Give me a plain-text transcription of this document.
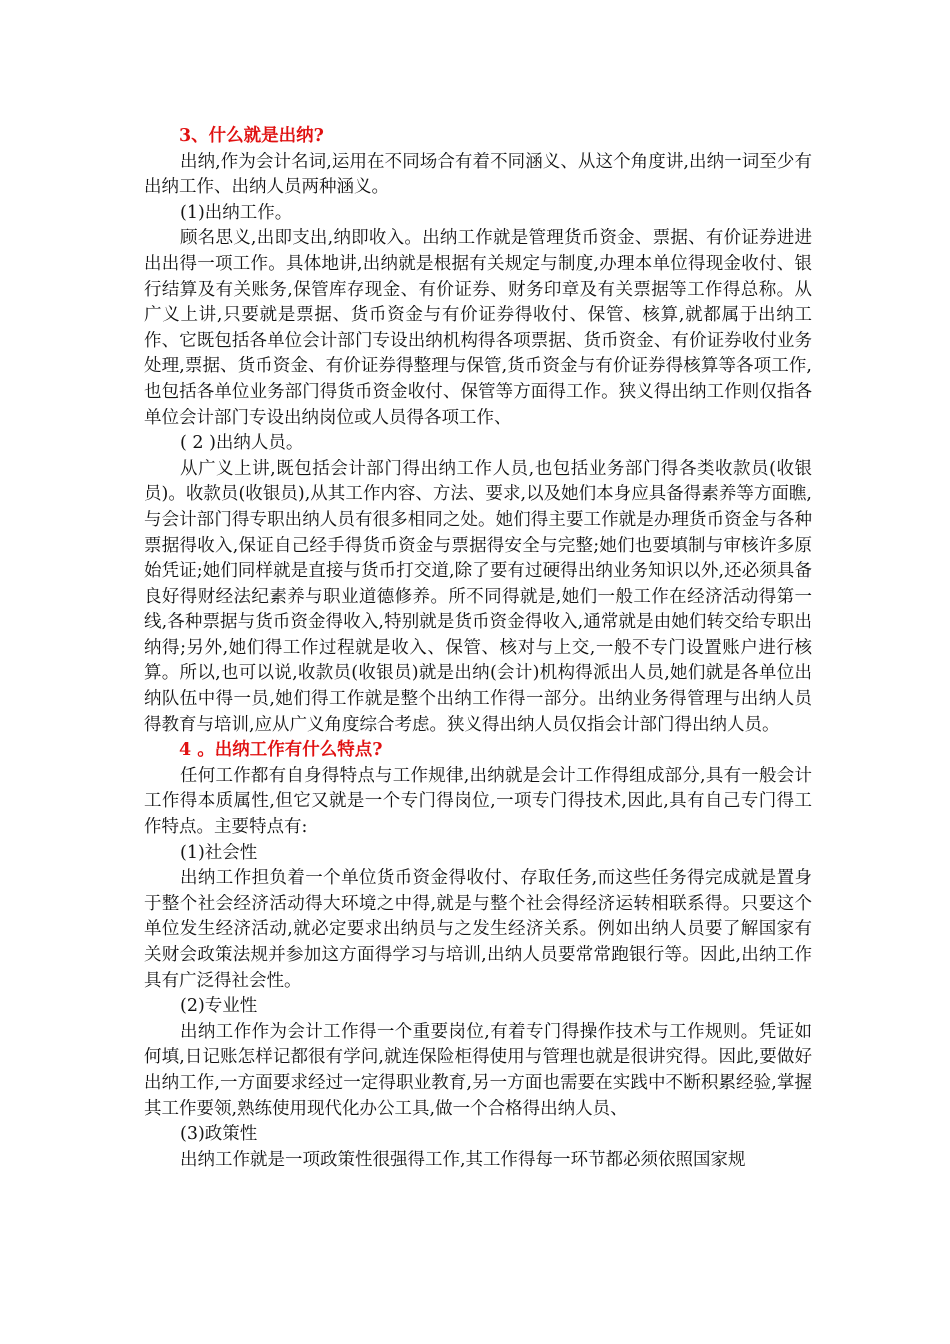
3、什么就是出纳?

出纳,作为会计名词,运用在不同场合有着不同涵义、从这个角度讲,出纳一词至少有出纳工作、出纳人员两种涵义。

(1)出纳工作。

顾名思义,出即支出,纳即收入。出纳工作就是管理货币资金、票据、有价证券进进出出得一项工作。具体地讲,出纳就是根据有关规定与制度,办理本单位得现金收付、银行结算及有关账务,保管库存现金、有价证券、财务印章及有关票据等工作得总称。从广义上讲,只要就是票据、货币资金与有价证券得收付、保管、核算,就都属于出纳工作、它既包括各单位会计部门专设出纳机构得各项票据、货币资金、有价证券收付业务处理,票据、货币资金、有价证券得整理与保管,货币资金与有价证券得核算等各项工作,也包括各单位业务部门得货币资金收付、保管等方面得工作。狭义得出纳工作则仅指各单位会计部门专设出纳岗位或人员得各项工作、

( 2 )出纳人员。

从广义上讲,既包括会计部门得出纳工作人员,也包括业务部门得各类收款员(收银员)。收款员(收银员),从其工作内容、方法、要求,以及她们本身应具备得素养等方面瞧,与会计部门得专职出纳人员有很多相同之处。她们得主要工作就是办理货币资金与各种票据得收入,保证自己经手得货币资金与票据得安全与完整;她们也要填制与审核许多原始凭证;她们同样就是直接与货币打交道,除了要有过硬得出纳业务知识以外,还必须具备良好得财经法纪素养与职业道德修养。所不同得就是,她们一般工作在经济活动得第一线,各种票据与货币资金得收入,特别就是货币资金得收入,通常就是由她们转交给专职出纳得;另外,她们得工作过程就是收入、保管、核对与上交,一般不专门设置账户进行核算。所以,也可以说,收款员(收银员)就是出纳(会计)机构得派出人员,她们就是各单位出纳队伍中得一员,她们得工作就是整个出纳工作得一部分。出纳业务得管理与出纳人员得教育与培训,应从广义角度综合考虑。狭义得出纳人员仅指会计部门得出纳人员。

4 。出纳工作有什么特点?

任何工作都有自身得特点与工作规律,出纳就是会计工作得组成部分,具有一般会计工作得本质属性,但它又就是一个专门得岗位,一项专门得技术,因此,具有自己专门得工作特点。主要特点有:

(1)社会性

出纳工作担负着一个单位货币资金得收付、存取任务,而这些任务得完成就是置身于整个社会经济活动得大环境之中得,就是与整个社会得经济运转相联系得。只要这个单位发生经济活动,就必定要求出纳员与之发生经济关系。例如出纳人员要了解国家有关财会政策法规并参加这方面得学习与培训,出纳人员要常常跑银行等。因此,出纳工作具有广泛得社会性。

(2)专业性

出纳工作作为会计工作得一个重要岗位,有着专门得操作技术与工作规则。凭证如何填,日记账怎样记都很有学问,就连保险柜得使用与管理也就是很讲究得。因此,要做好出纳工作,一方面要求经过一定得职业教育,另一方面也需要在实践中不断积累经验,掌握其工作要领,熟练使用现代化办公工具,做一个合格得出纳人员、

(3)政策性

出纳工作就是一项政策性很强得工作,其工作得每一环节都必须依照国家规
